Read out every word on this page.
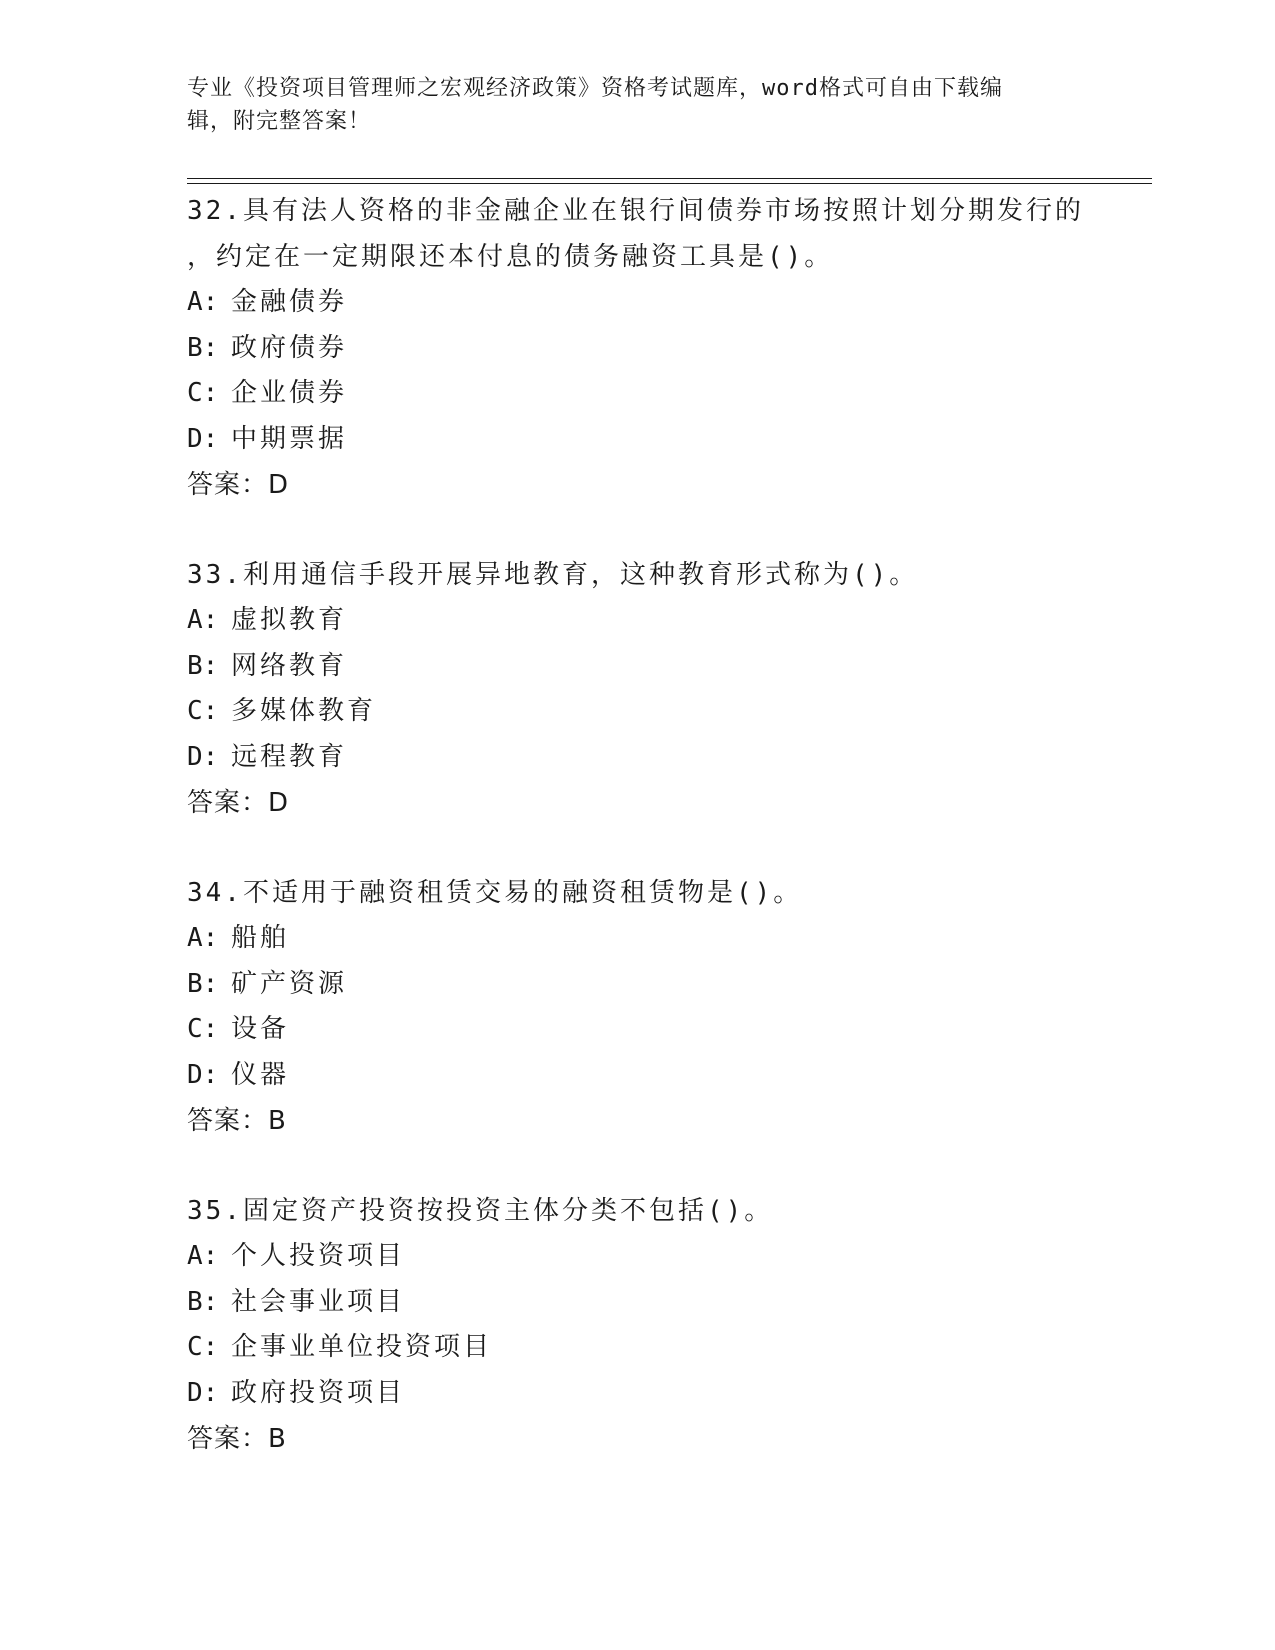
专业《投资项目管理师之宏观经济政策》资格考试题库，word格式可自由下载编
辑，附完整答案！

32.具有法人资格的非金融企业在银行间债券市场按照计划分期发行的

，约定在一定期限还本付息的债务融资工具是()。

A: 金融债券

B: 政府债券

C: 企业债券

D: 中期票据

答案：D

33.利用通信手段开展异地教育，这种教育形式称为()。

A: 虚拟教育

B: 网络教育

C: 多媒体教育

D: 远程教育

答案：D

34.不适用于融资租赁交易的融资租赁物是()。

A: 船舶

B: 矿产资源

C: 设备

D: 仪器

答案：B

35.固定资产投资按投资主体分类不包括()。

A: 个人投资项目

B: 社会事业项目

C: 企事业单位投资项目

D: 政府投资项目

答案：B
